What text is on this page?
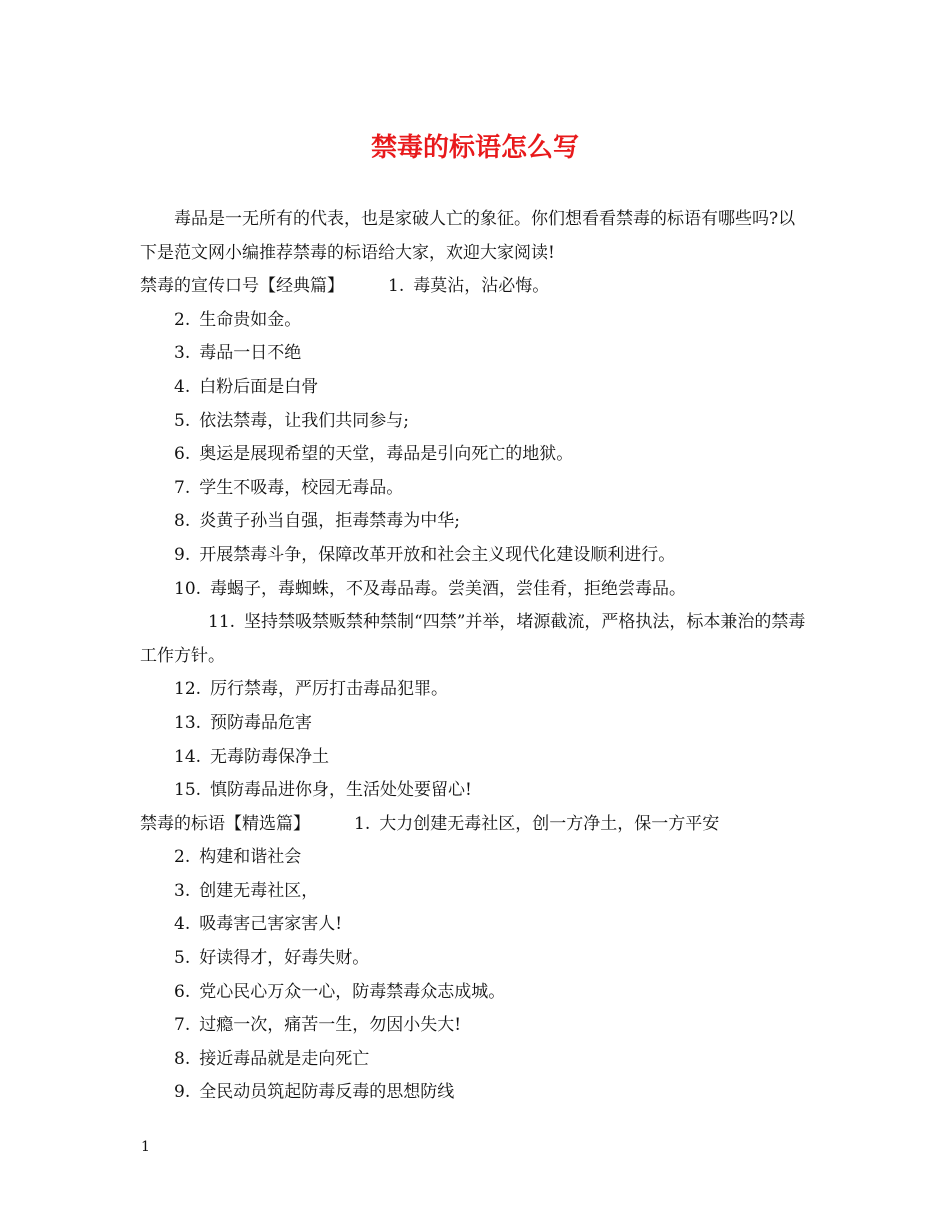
禁毒的标语怎么写

毒品是一无所有的代表，也是家破人亡的象征。你们想看看禁毒的标语有哪些吗?以下是范文网小编推荐禁毒的标语给大家，欢迎大家阅读!

禁毒的宣传口号【经典篇】	1. 毒莫沾，沾必悔。

2. 生命贵如金。

3. 毒品一日不绝

4. 白粉后面是白骨

5. 依法禁毒，让我们共同参与;

6. 奥运是展现希望的天堂，毒品是引向死亡的地狱。

7. 学生不吸毒，校园无毒品。

8. 炎黄子孙当自强，拒毒禁毒为中华;

9. 开展禁毒斗争，保障改革开放和社会主义现代化建设顺利进行。

10. 毒蝎子，毒蜘蛛，不及毒品毒。尝美酒，尝佳肴，拒绝尝毒品。

11. 坚持禁吸禁贩禁种禁制“四禁”并举，堵源截流，严格执法，标本兼治的禁毒工作方针。

12. 厉行禁毒，严厉打击毒品犯罪。

13. 预防毒品危害

14. 无毒防毒保净土

15. 慎防毒品进你身，生活处处要留心!

禁毒的标语【精选篇】	1. 大力创建无毒社区，创一方净土，保一方平安

2. 构建和谐社会

3. 创建无毒社区，

4. 吸毒害己害家害人!

5. 好读得才，好毒失财。

6. 党心民心万众一心，防毒禁毒众志成城。

7. 过瘾一次，痛苦一生，勿因小失大!

8. 接近毒品就是走向死亡

9. 全民动员筑起防毒反毒的思想防线

1
